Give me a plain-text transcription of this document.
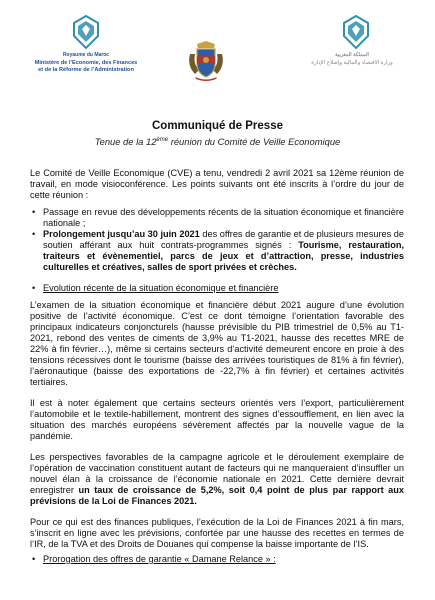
Royaume du Maroc
Ministère de l’Economie, des Finances
et de la Réforme de l’Administration
المملكة المغربية
وزارة الاقتصاد والمالية وإصلاح الإدارة
Communiqué de Presse
Tenue de la 12ème réunion du Comité de Veille Economique

Le Comité de Veille Economique (CVE) a tenu, vendredi 2 avril 2021 sa 12ème réunion de travail, en mode visioconférence. Les points suivants ont été inscrits à l’ordre du jour de cette réunion :

• Passage en revue des développements récents de la situation économique et financière nationale ;
• Prolongement jusqu’au 30 juin 2021 des offres de garantie et de plusieurs mesures de soutien afférant aux huit contrats-programmes signés : Tourisme, restauration, traiteurs et évènementiel, parcs de jeux et d’attraction, presse, industries culturelles et créatives, salles de sport privées et crèches.
• Evolution récente de la situation économique et financière

L’examen de la situation économique et financière début 2021 augure d’une évolution positive de l’activité économique. C’est ce dont témoigne l’orientation favorable des principaux indicateurs conjoncturels (hausse prévisible du PIB trimestriel de 0,5% au T1-2021, rebond des ventes de ciments de 3,9% au T1-2021, hausse des recettes MRE de 22% à fin février…), même si certains secteurs d’activité demeurent encore en proie à des tensions récessives dont le tourisme (baisse des arrivées touristiques de 81% à fin février), l’aéronautique (baisse des exportations de -22,7% à fin février) et certaines activités tertiaires.

Il est à noter également que certains secteurs orientés vers l’export, particulièrement l’automobile et le textile-habillement, montrent des signes d’essoufflement, en lien avec la situation des marchés européens sévèrement affectés par la nouvelle vague de la pandémie.

Les perspectives favorables de la campagne agricole et le déroulement exemplaire de l’opération de vaccination constituent autant de facteurs qui ne manqueraient d’insuffler un nouvel élan à la croissance de l’économie nationale en 2021. Cette dernière devrait enregistrer un taux de croissance de 5,2%, soit 0,4 point de plus par rapport aux prévisions de la Loi de Finances 2021.

Pour ce qui est des finances publiques, l’exécution de la Loi de Finances 2021 à fin mars, s’inscrit en ligne avec les prévisions, confortée par une hausse des recettes en termes de l’IR, de la TVA et des Droits de Douanes qui compense la baisse importante de l’IS.

• Prorogation des offres de garantie « Damane Relance » :
